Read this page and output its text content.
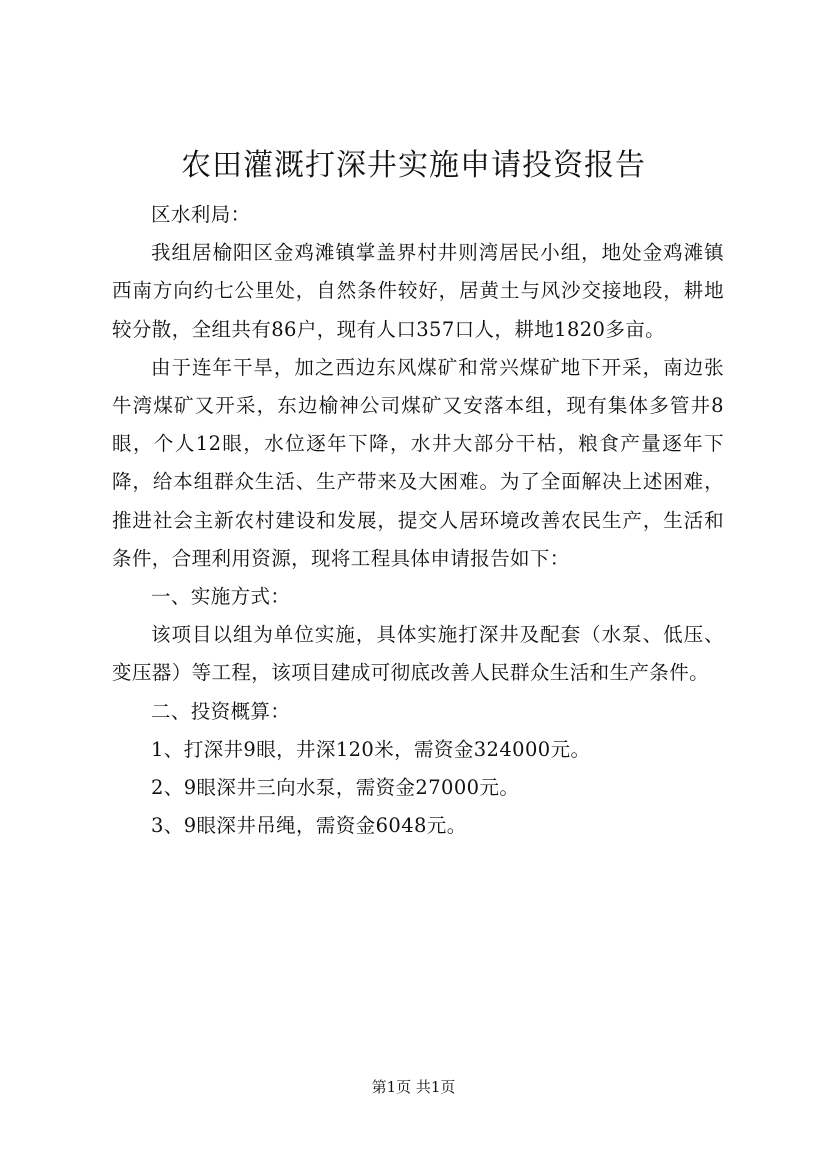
农田灌溉打深井实施申请投资报告

区水利局：

我组居榆阳区金鸡滩镇掌盖界村井则湾居民小组，地处金鸡滩镇西南方向约七公里处，自然条件较好，居黄土与风沙交接地段，耕地较分散，全组共有86户，现有人口357口人，耕地1820多亩。

由于连年干旱，加之西边东风煤矿和常兴煤矿地下开采，南边张牛湾煤矿又开采，东边榆神公司煤矿又安落本组，现有集体多管井8眼，个人12眼，水位逐年下降，水井大部分干枯，粮食产量逐年下降，给本组群众生活、生产带来及大困难。为了全面解决上述困难，推进社会主新农村建设和发展，提交人居环境改善农民生产，生活和条件，合理利用资源，现将工程具体申请报告如下：

一、实施方式：

该项目以组为单位实施，具体实施打深井及配套（水泵、低压、变压器）等工程，该项目建成可彻底改善人民群众生活和生产条件。

二、投资概算：

1、打深井9眼，井深120米，需资金324000元。

2、9眼深井三向水泵，需资金27000元。

3、9眼深井吊绳，需资金6048元。

第1页 共1页
